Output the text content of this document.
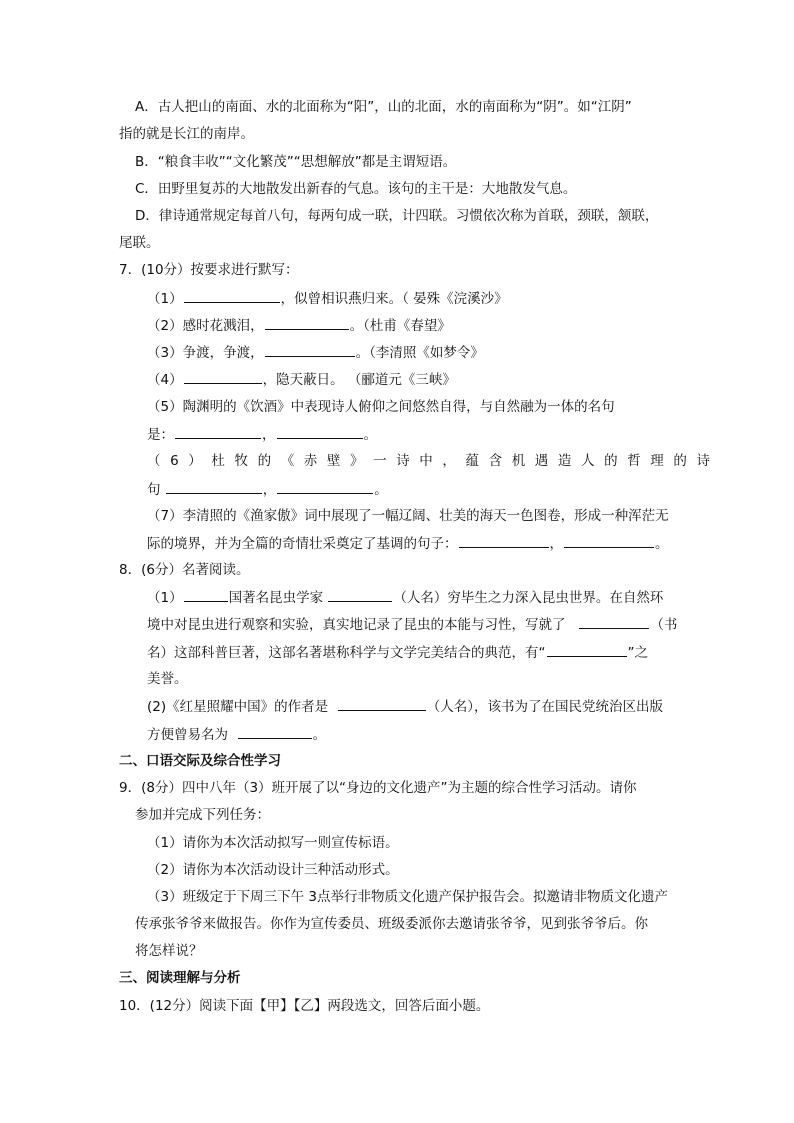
A．古人把山的南面、水的北面称为“阳”，山的北面，水的南面称为“阴”。如“江阴”
指的就是长江的南岸。
B．“粮食丰收”“文化繁茂”“思想解放”都是主谓短语。
C．田野里复苏的大地散发出新春的气息。该句的主干是：大地散发气息。
D．律诗通常规定每首八句，每两句成一联，计四联。习惯依次称为首联，颈联，颔联，
尾联。
7．(10分）按要求进行默写：
（1）	，似曾相识燕归来。（ 晏殊《浣溪沙》
（2）感时花溅泪，	。（杜甫《春望》
（3）争渡，争渡，	。（李清照《如梦令》
（4）	，隐天蔽日。 （郦道元《三峡》
（5）陶渊明的《饮酒》中表现诗人俯仰之间悠然自得，与自然融为一体的名句
是：	，	。
（6）杜牧的《赤壁》一诗中，蕴含机遇造人的哲理的诗
句	，	。
（7）李清照的《渔家傲》词中展现了一幅辽阔、壮美的海天一色图卷，形成一种浑茫无
际的境界，并为全篇的奇情壮采奠定了基调的句子：	，	。
8．(6分）名著阅读。
（1）	国著名昆虫学家	（人名）穷毕生之力深入昆虫世界。在自然环
境中对昆虫进行观察和实验，真实地记录了昆虫的本能与习性，写就了	（书
名）这部科普巨著，这部名著堪称科学与文学完美结合的典范，有“	”之
美誉。
(2)《红星照耀中国》的作者是	（人名），该书为了在国民党统治区出版
方便曾易名为	。
二、口语交际及综合性学习
9．(8分）四中八年（3）班开展了以“身边的文化遗产”为主题的综合性学习活动。请你
参加并完成下列任务：
（1）请你为本次活动拟写一则宣传标语。
（2）请你为本次活动设计三种活动形式。
（3）班级定于下周三下午 3点举行非物质文化遗产保护报告会。拟邀请非物质文化遗产
传承张爷爷来做报告。你作为宣传委员、班级委派你去邀请张爷爷，见到张爷爷后。你
将怎样说？
三、阅读理解与分析
10．(12分）阅读下面【甲】【乙】两段选文，回答后面小题。
